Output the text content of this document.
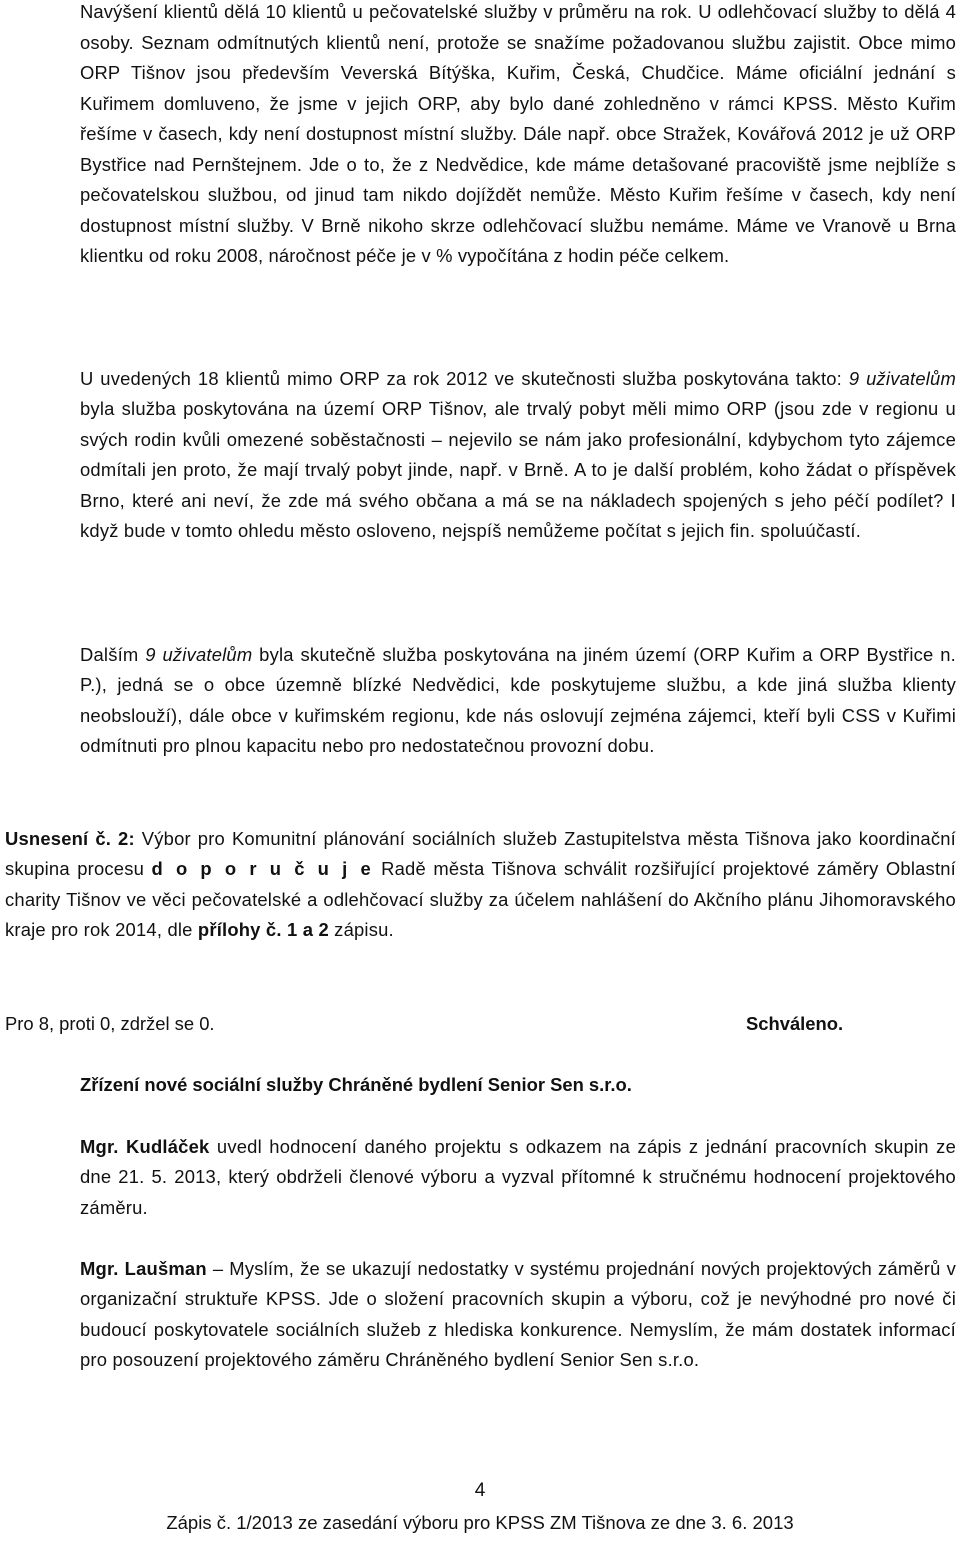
Navýšení klientů dělá 10 klientů u pečovatelské služby v průměru na rok. U odlehčovací služby to dělá 4 osoby. Seznam odmítnutých klientů není, protože se snažíme požadovanou službu zajistit. Obce mimo ORP Tišnov jsou především Veverská Bítýška, Kuřim, Česká, Chudčice. Máme oficiální jednání s Kuřimem domluveno, že jsme v jejich ORP, aby bylo dané zohledněno v rámci KPSS. Město Kuřim řešíme v časech, kdy není dostupnost místní služby. Dále např. obce Stražek, Kovářová 2012 je už ORP Bystřice nad Pernštejnem. Jde o to, že z Nedvědice, kde máme detašované pracoviště jsme nejblíže s pečovatelskou službou, od jinud tam nikdo dojíždět nemůže. Město Kuřim řešíme v časech, kdy není dostupnost místní služby. V Brně nikoho skrze odlehčovací službu nemáme. Máme ve Vranově u Brna klientku od roku 2008, náročnost péče je v % vypočítána z hodin péče celkem.

U uvedených 18 klientů mimo ORP za rok 2012 ve skutečnosti služba poskytována takto: 9 uživatelům byla služba poskytována na území ORP Tišnov, ale trvalý pobyt měli mimo ORP (jsou zde v regionu u svých rodin kvůli omezené soběstačnosti – nejevilo se nám jako profesionální, kdybychom tyto zájemce odmítali jen proto, že mají trvalý pobyt jinde, např. v Brně. A to je další problém, koho žádat o příspěvek Brno, které ani neví, že zde má svého občana a má se na nákladech spojených s jeho péčí podílet? I když bude v tomto ohledu město osloveno, nejspíš nemůžeme počítat s jejich fin. spoluúčastí.

Dalším 9 uživatelům byla skutečně služba poskytována na jiném území (ORP Kuřim a ORP Bystřice n. P.), jedná se o obce územně blízké Nedvědici, kde poskytujeme službu, a kde jiná služba klienty neobslouží), dále obce v kuřimském regionu, kde nás oslovují zejména zájemci, kteří byli CSS v Kuřimi odmítnuti pro plnou kapacitu nebo pro nedostatečnou provozní dobu.

Usnesení č. 2: Výbor pro Komunitní plánování sociálních služeb Zastupitelstva města Tišnova jako koordinační skupina procesu d o p o r u č u j e Radě města Tišnova schválit rozšiřující projektové záměry Oblastní charity Tišnov ve věci pečovatelské a odlehčovací služby za účelem nahlášení do Akčního plánu Jihomoravského kraje pro rok 2014, dle přílohy č. 1 a 2 zápisu.

Pro 8, proti 0, zdržel se 0.	Schváleno.
Zřízení nové sociální služby Chráněné bydlení Senior Sen s.r.o.

Mgr. Kudláček uvedl hodnocení daného projektu s odkazem na zápis z jednání pracovních skupin ze dne 21. 5. 2013, který obdrželi členové výboru a vyzval přítomné k stručnému hodnocení projektového záměru.

Mgr. Laušman – Myslím, že se ukazují nedostatky v systému projednání nových projektových záměrů v organizační struktuře KPSS. Jde o složení pracovních skupin a výboru, což je nevýhodné pro nové či budoucí poskytovatele sociálních služeb z hlediska konkurence. Nemyslím, že mám dostatek informací pro posouzení projektového záměru Chráněného bydlení Senior Sen s.r.o.

4
Zápis č. 1/2013 ze zasedání výboru pro KPSS ZM Tišnova ze dne 3. 6. 2013
